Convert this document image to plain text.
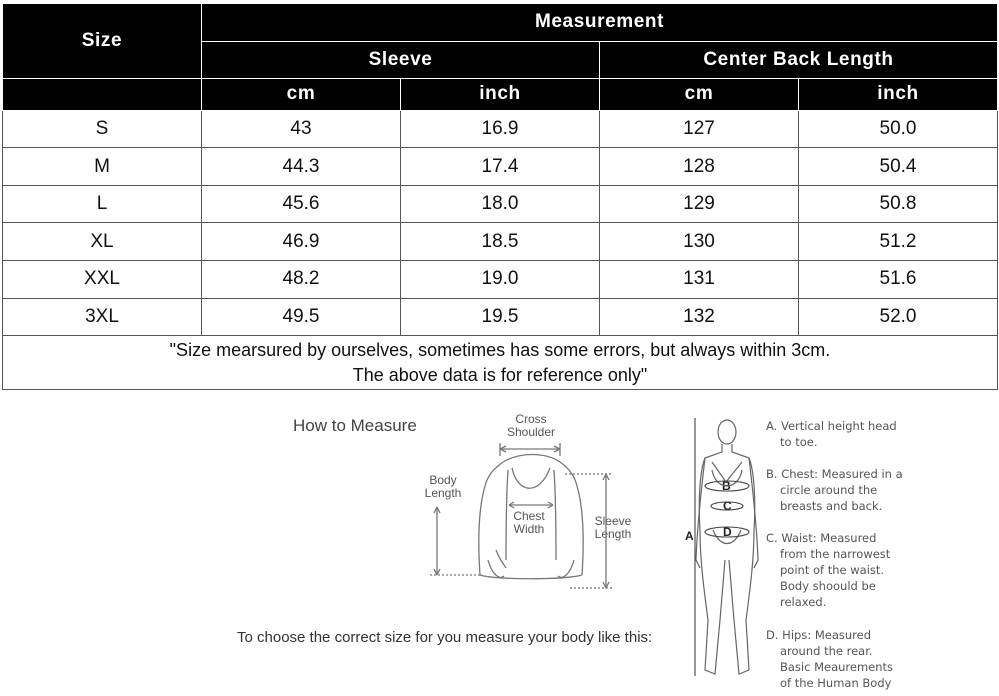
Size	Measurement			
	Sleeve		Center Back Length	
	cm	inch	cm	inch
S	43	16.9	127	50.0
M	44.3	17.4	128	50.4
L	45.6	18.0	129	50.8
XL	46.9	18.5	130	51.2
XXL	48.2	19.0	131	51.6
3XL	49.5	19.5	132	52.0

"Size mearsured by ourselves, sometimes has some errors, but always within 3cm.
The above data is for reference only"				
How to Measure	Cross
Shoulder
Body
Length
Chest
Width
Sleeve
Length
To choose the correct size for you measure your body like this:
A
B
C
D
A. Vertical height head
to toe.
B. Chest: Measured in a
circle around the
breasts and back.
C. Waist: Measured
from the narrowest
point of the waist.
Body shoould be
relaxed.
D. Hips: Measured
around the rear.
Basic Meaurements
of the Human Body
